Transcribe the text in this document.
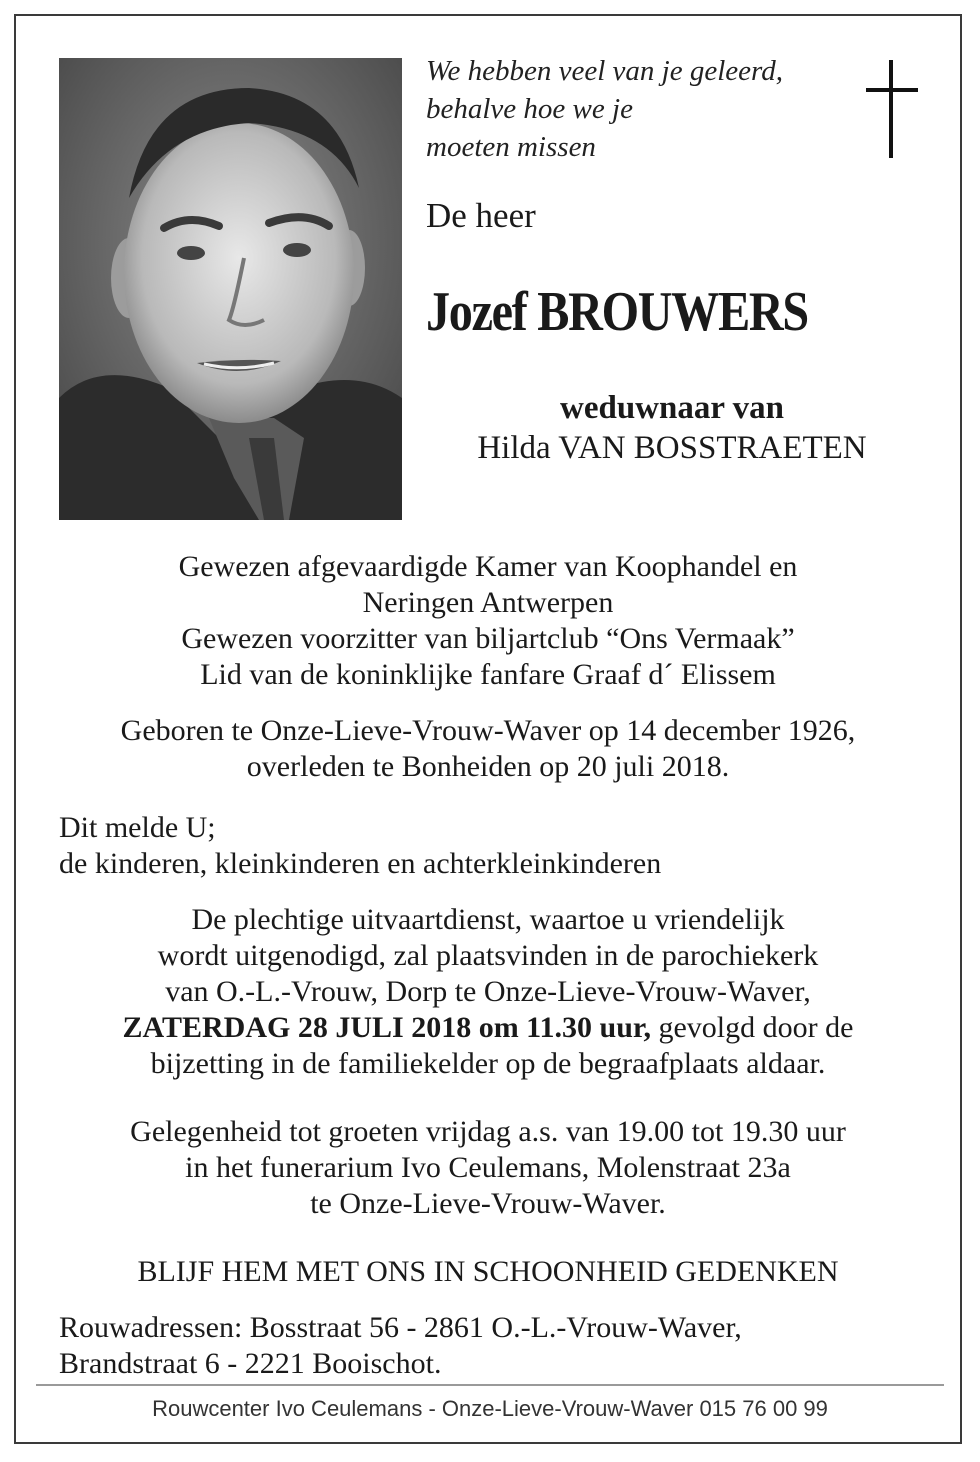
We hebben veel van je geleerd,
behalve hoe we je
moeten missen
De heer
Jozef BROUWERS
weduwnaar van
Hilda VAN BOSSTRAETEN
Gewezen afgevaardigde Kamer van Koophandel en
Neringen Antwerpen
Gewezen voorzitter van biljartclub “Ons Vermaak”
Lid van de koninklijke fanfare Graaf d´ Elissem
Geboren te Onze-Lieve-Vrouw-Waver op 14 december 1926,
overleden te Bonheiden op 20 juli 2018.
Dit melde U;
de kinderen, kleinkinderen en achterkleinkinderen
De plechtige uitvaartdienst, waartoe u vriendelijk
wordt uitgenodigd, zal plaatsvinden in de parochiekerk
van O.-L.-Vrouw, Dorp te Onze-Lieve-Vrouw-Waver,
ZATERDAG 28 JULI 2018 om 11.30 uur, gevolgd door de
bijzetting in de familiekelder op de begraafplaats aldaar.
Gelegenheid tot groeten vrijdag a.s. van 19.00 tot 19.30 uur
in het funerarium Ivo Ceulemans, Molenstraat 23a
te Onze-Lieve-Vrouw-Waver.
BLIJF HEM MET ONS IN SCHOONHEID GEDENKEN
Rouwadressen: Bosstraat 56 - 2861 O.-L.-Vrouw-Waver,
Brandstraat 6 - 2221 Booischot.
Rouwcenter Ivo Ceulemans - Onze-Lieve-Vrouw-Waver 015 76 00 99
